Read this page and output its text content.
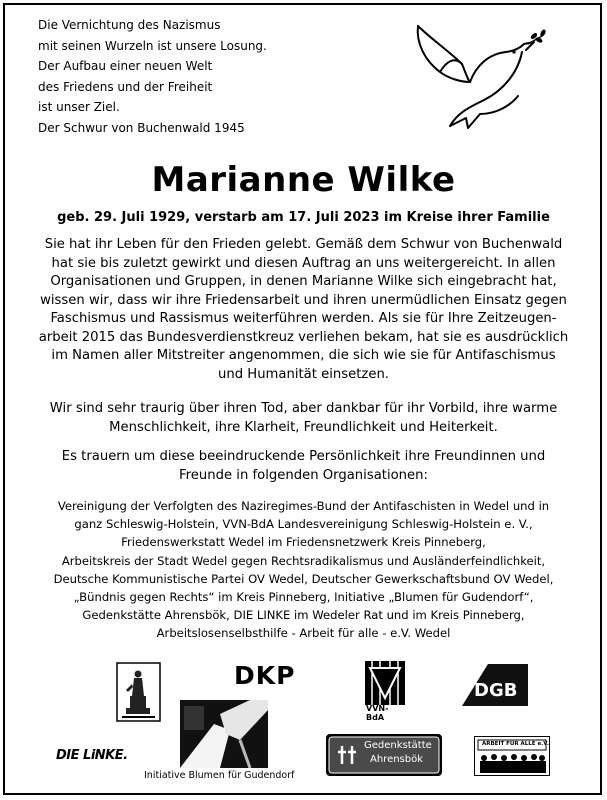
Die Vernichtung des Nazismus
mit seinen Wurzeln ist unsere Losung.
Der Aufbau einer neuen Welt
des Friedens und der Freiheit
ist unser Ziel.
Der Schwur von Buchenwald 1945
Marianne Wilke
geb. 29. Juli 1929, verstarb am 17. Juli 2023 im Kreise ihrer Familie
Sie hat ihr Leben für den Frieden gelebt. Gemäß dem Schwur von Buchenwald
hat sie bis zuletzt gewirkt und diesen Auftrag an uns weitergereicht. In allen
Organisationen und Gruppen, in denen Marianne Wilke sich eingebracht hat,
wissen wir, dass wir ihre Friedensarbeit und ihren unermüdlichen Einsatz gegen
Faschismus und Rassismus weiterführen werden. Als sie für Ihre Zeitzeugen-
arbeit 2015 das Bundesverdienstkreuz verliehen bekam, hat sie es ausdrücklich
im Namen aller Mitstreiter angenommen, die sich wie sie für Antifaschismus
und Humanität einsetzen.
Wir sind sehr traurig über ihren Tod, aber dankbar für ihr Vorbild, ihre warme
Menschlichkeit, ihre Klarheit, Freundlichkeit und Heiterkeit.
Es trauern um diese beeindruckende Persönlichkeit ihre Freundinnen und
Freunde in folgenden Organisationen:
Vereinigung der Verfolgten des Naziregimes-Bund der Antifaschisten in Wedel und in
ganz Schleswig-Holstein, VVN-BdA Landesvereinigung Schleswig-Holstein e. V.,
Friedenswerkstatt Wedel im Friedensnetzwerk Kreis Pinneberg,
Arbeitskreis der Stadt Wedel gegen Rechtsradikalismus und Ausländerfeindlichkeit,
Deutsche Kommunistische Partei OV Wedel, Deutscher Gewerkschaftsbund OV Wedel,
„Bündnis gegen Rechts“ im Kreis Pinneberg, Initiative „Blumen für Gudendorf“,
Gedenkstätte Ahrensbök, DIE LINKE im Wedeler Rat und im Kreis Pinneberg,
Arbeitslosenselbsthilfe - Arbeit für alle - e.V. Wedel
DKP
VVN-BdA
DGB
DIE LiNKE.
Initiative Blumen für Gudendorf
Gedenkstätte
Ahrensbök
ARBEIT FÜR ALLE e.V.
